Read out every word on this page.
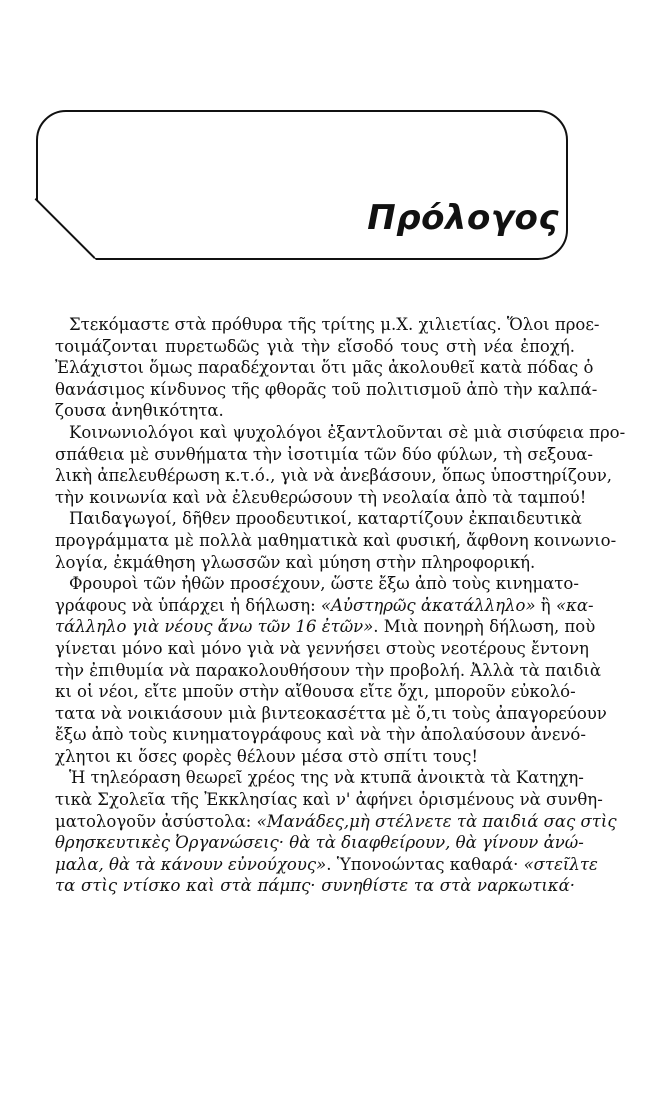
Πρόλογος
Στεκόμαστε στὰ πρόθυρα τῆς τρίτης μ.Χ. χιλιετίας. Ὅλοι προε-
τοιμάζονται πυρετωδῶς γιὰ τὴν εἴσοδό τους στὴ νέα ἐποχή.
Ἐλάχιστοι ὅμως παραδέχονται ὅτι μᾶς ἀκολουθεῖ κατὰ πόδας ὁ
θανάσιμος κίνδυνος τῆς φθορᾶς τοῦ πολιτισμοῦ ἀπὸ τὴν καλπά-
ζουσα ἀνηθικότητα.
Κοινωνιολόγοι καὶ ψυχολόγοι ἐξαντλοῦνται σὲ μιὰ σισύφεια προ-
σπάθεια μὲ συνθήματα τὴν ἰσοτιμία τῶν δύο φύλων, τὴ σεξουα-
λικὴ ἀπελευθέρωση κ.τ.ό., γιὰ νὰ ἀνεβάσουν, ὅπως ὑποστηρίζουν,
τὴν κοινωνία καὶ νὰ ἐλευθερώσουν τὴ νεολαία ἀπὸ τὰ ταμπού!
Παιδαγωγοί, δῆθεν προοδευτικοί, καταρτίζουν ἐκπαιδευτικὰ
προγράμματα μὲ πολλὰ μαθηματικὰ καὶ φυσική, ἄφθονη κοινωνιο-
λογία, ἐκμάθηση γλωσσῶν καὶ μύηση στὴν πληροφορική.
Φρουροὶ τῶν ἠθῶν προσέχουν, ὥστε ἔξω ἀπὸ τοὺς κινηματο-
γράφους νὰ ὑπάρχει ἡ δήλωση: «Αὐστηρῶς ἀκατάλληλο» ἢ «κα-
τάλληλο γιὰ νέους ἄνω τῶν 16 ἐτῶν». Μιὰ πονηρὴ δήλωση, ποὺ
γίνεται μόνο καὶ μόνο γιὰ νὰ γεννήσει στοὺς νεοτέρους ἔντονη
τὴν ἐπιθυμία νὰ παρακολουθήσουν τὴν προβολή. Ἀλλὰ τὰ παιδιὰ
κι οἱ νέοι, εἴτε μποῦν στὴν αἴθουσα εἴτε ὄχι, μποροῦν εὐκολό-
τατα νὰ νοικιάσουν μιὰ βιντεοκασέττα μὲ ὅ,τι τοὺς ἀπαγορεύουν
ἔξω ἀπὸ τοὺς κινηματογράφους καὶ νὰ τὴν ἀπολαύσουν ἀνενό-
χλητοι κι ὅσες φορὲς θέλουν μέσα στὸ σπίτι τους!
Ἡ τηλεόραση θεωρεῖ χρέος της νὰ κτυπᾶ ἀνοικτὰ τὰ Κατηχη-
τικὰ Σχολεῖα τῆς Ἐκκλησίας καὶ ν' ἀφήνει ὁρισμένους νὰ συνθη-
ματολογοῦν ἀσύστολα: «Μανάδες,μὴ στέλνετε τὰ παιδιά σας στὶς
θρησκευτικὲς Ὀργανώσεις· θὰ τὰ διαφθείρουν, θὰ γίνουν ἀνώ-
μαλα, θὰ τὰ κάνουν εὐνούχους». Ὑπονοώντας καθαρά· «στεῖλτε
τα στὶς ντίσκο καὶ στὰ πάμπς· συνηθίστε τα στὰ ναρκωτικά·
